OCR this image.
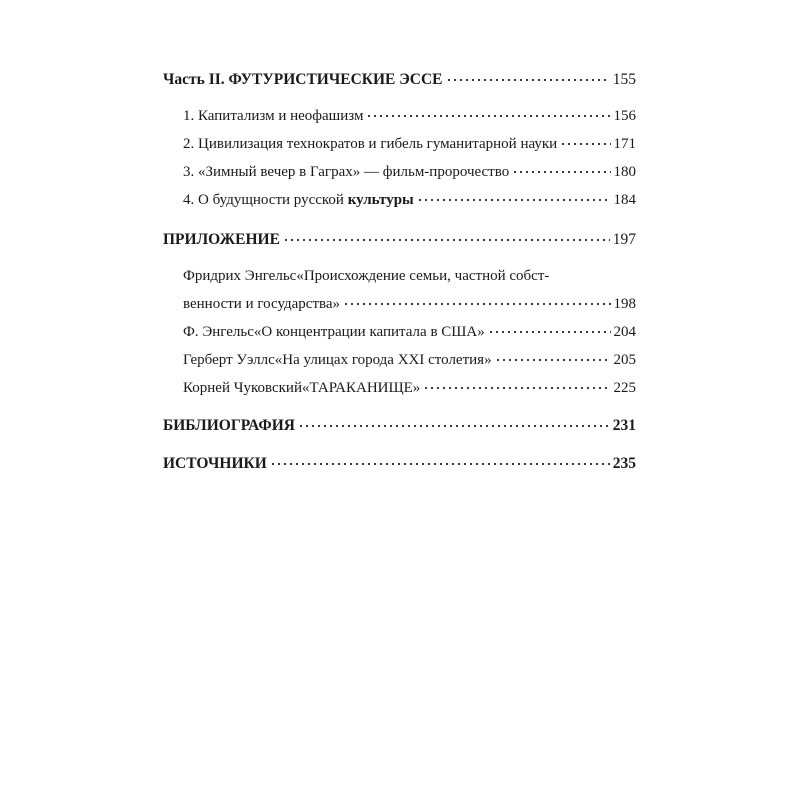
Часть II. ФУТУРИСТИЧЕСКИЕ ЭССЕ	155
1. Капитализм и неофашизм	156
2. Цивилизация технократов и гибель гуманитарной науки	171
3. «Зимный вечер в Гаграх» — фильм-пророчество	180
4. О будущности русской культуры	184
ПРИЛОЖЕНИЕ	197
Фридрих Энгельс«Происхождение семьи, частной собст-
венности и государства»	198
Ф. Энгельс«О концентрации капитала в США»	204
Герберт Уэллс«На улицах города XXI столетия»	205
Корней Чуковский«ТАРАКАНИЩЕ»	225
БИБЛИОГРАФИЯ	231
ИСТОЧНИКИ	235
